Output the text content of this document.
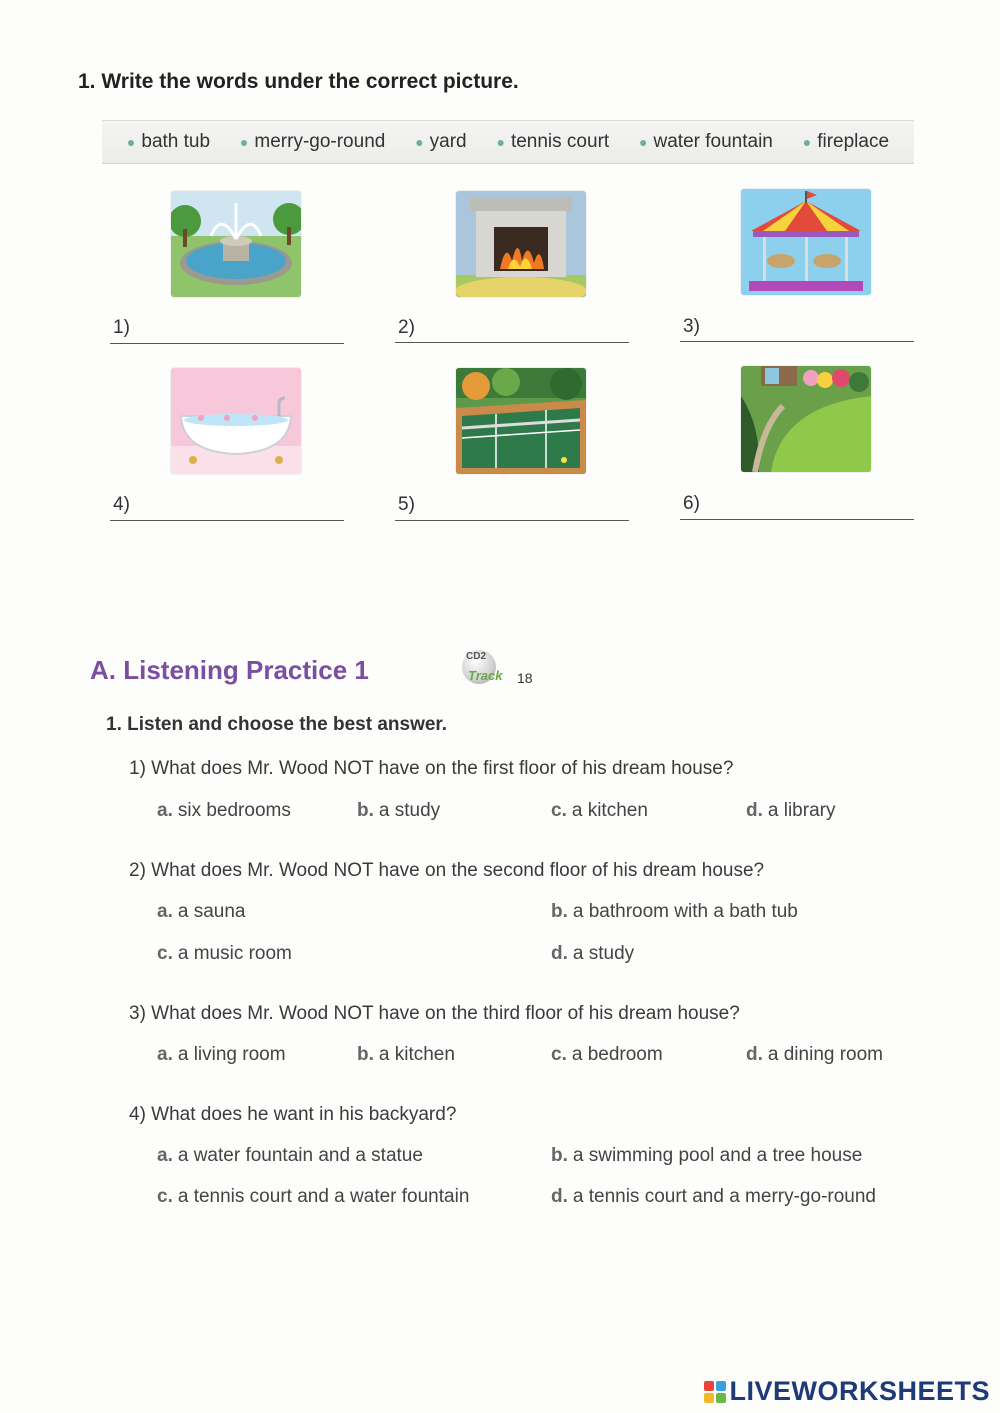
1. Write the words under the correct picture.
● bath tub ● merry-go-round ● yard ● tennis court ● water fountain ● fireplace
1)	2)	3)
4)	5)	6)
A. Listening Practice 1	CD2
Track 18
1. Listen and choose the best answer.
1) What does Mr. Wood NOT have on the first floor of his dream house?
a. six bedrooms	b. a study	c. a kitchen	d. a library
2) What does Mr. Wood NOT have on the second floor of his dream house?
a. a sauna	b. a bathroom with a bath tub
c. a music room	d. a study
3) What does Mr. Wood NOT have on the third floor of his dream house?
a. a living room	b. a kitchen	c. a bedroom	d. a dining room
4) What does he want in his backyard?
a. a water fountain and a statue	b. a swimming pool and a tree house
c. a tennis court and a water fountain	d. a tennis court and a merry-go-round
LIVEWORKSHEETS
